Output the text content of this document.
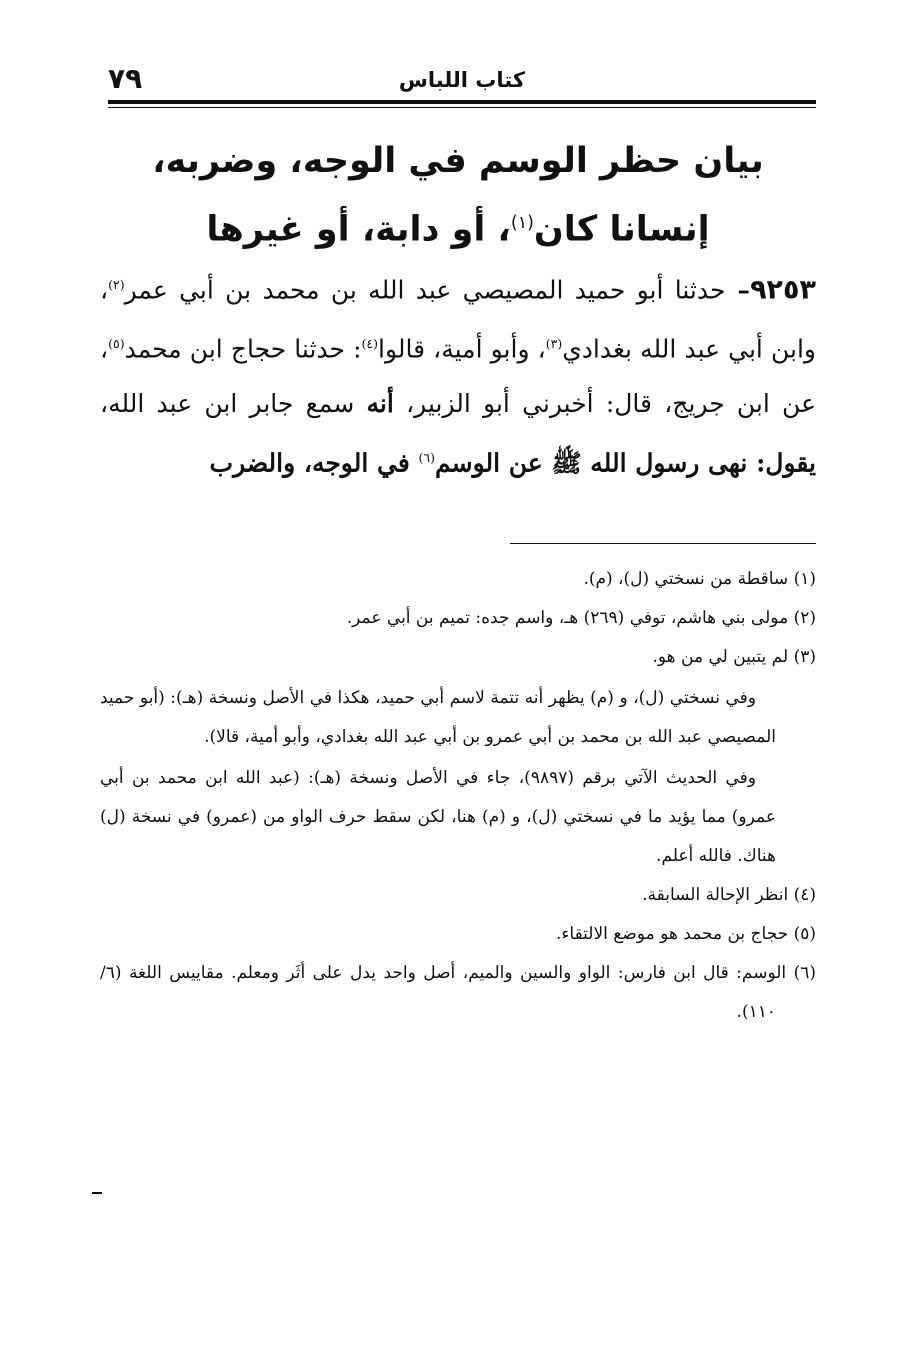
كتاب اللباس
٧٩
بيان حظر الوسم في الوجه، وضربه، إنسانا كان$^{(١)}$، أو دابة، أو غيرها
٩٢٥٣– حدثنا أبو حميد المصيصي عبد الله بن محمد بن أبي عمر$^{(٢)}$، وابن أبي عبد الله بغدادي$^{(٣)}$، وأبو أمية، قالوا$^{(٤)}$: حدثنا حجاج ابن محمد$^{(٥)}$، عن ابن جريج، قال: أخبرني أبو الزبير، أنه سمع جابر ابن عبد الله، يقول: نهى رسول الله ﷺ عن الوسم$^{(٦)}$ في الوجه، والضرب
(١) ساقطة من نسختي (ل)، (م).
(٢) مولى بني هاشم، توفي (٢٦٩) هـ، واسم جده: تميم بن أبي عمر.
(٣) لم يتبين لي من هو.
وفي نسختي (ل)، و (م) يظهر أنه تتمة لاسم أبي حميد، هكذا في الأصل ونسخة (هـ): (أبو حميد المصيصي عبد الله بن محمد بن أبي عمرو بن أبي عبد الله بغدادي، وأبو أمية، قالا).
وفي الحديث الآتي برقم (٩٨٩٧)، جاء في الأصل ونسخة (هـ): (عبد الله ابن محمد بن أبي عمرو) مما يؤيد ما في نسختي (ل)، و (م) هنا، لكن سقط حرف الواو من (عمرو) في نسخة (ل) هناك. فالله أعلم.
(٤) انظر الإحالة السابقة.
(٥) حجاج بن محمد هو موضع الالتقاء.
(٦) الوسم: قال ابن فارس: الواو والسين والميم، أصل واحد يدل على أثَر ومعلم. مقاييس اللغة (٦/ ١١٠).
